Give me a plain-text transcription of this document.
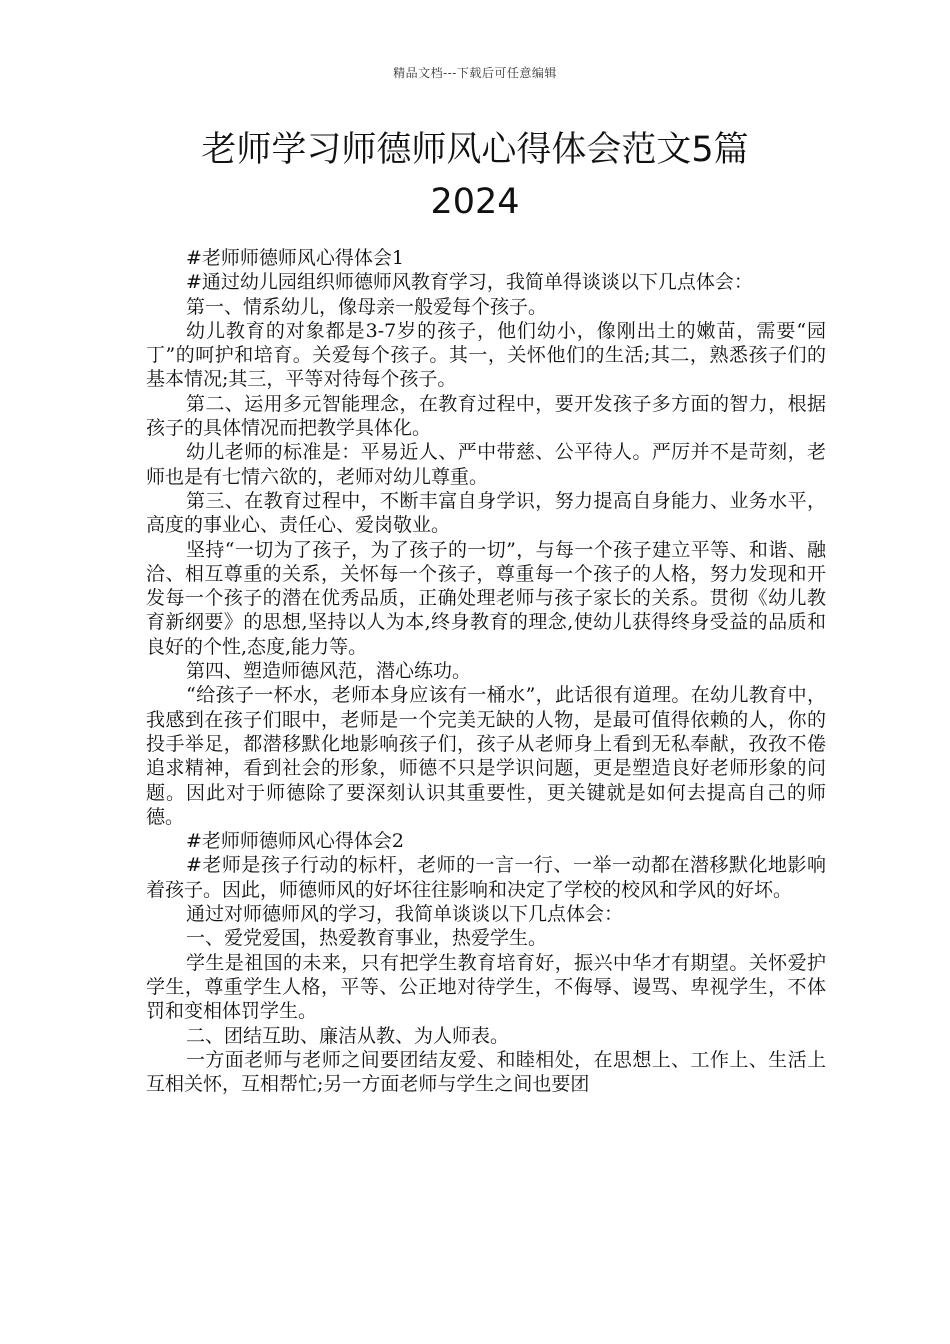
精品文档---下载后可任意编辑
老师学习师德师风心得体会范文5篇
2024

#老师师德师风心得体会1

#通过幼儿园组织师德师风教育学习，我简单得谈谈以下几点体会：

第一、情系幼儿，像母亲一般爱每个孩子。

幼儿教育的对象都是3-7岁的孩子，他们幼小，像刚出土的嫩苗，需要“园丁”的呵护和培育。关爱每个孩子。其一，关怀他们的生活;其二，熟悉孩子们的基本情况;其三，平等对待每个孩子。

第二、运用多元智能理念，在教育过程中，要开发孩子多方面的智力，根据孩子的具体情况而把教学具体化。

幼儿老师的标准是：平易近人、严中带慈、公平待人。严厉并不是苛刻，老师也是有七情六欲的，老师对幼儿尊重。

第三、在教育过程中，不断丰富自身学识，努力提高自身能力、业务水平，高度的事业心、责任心、爱岗敬业。

坚持“一切为了孩子，为了孩子的一切”，与每一个孩子建立平等、和谐、融洽、相互尊重的关系，关怀每一个孩子，尊重每一个孩子的人格，努力发现和开发每一个孩子的潜在优秀品质，正确处理老师与孩子家长的关系。贯彻《幼儿教育新纲要》的思想,坚持以人为本,终身教育的理念,使幼儿获得终身受益的品质和良好的个性,态度,能力等。

第四、塑造师德风范，潜心练功。

“给孩子一杯水，老师本身应该有一桶水”，此话很有道理。在幼儿教育中，我感到在孩子们眼中，老师是一个完美无缺的人物，是最可值得依赖的人，你的投手举足，都潜移默化地影响孩子们，孩子从老师身上看到无私奉献，孜孜不倦追求精神，看到社会的形象，师德不只是学识问题，更是塑造良好老师形象的问题。因此对于师德除了要深刻认识其重要性，更关键就是如何去提高自己的师德。

#老师师德师风心得体会2

#老师是孩子行动的标杆，老师的一言一行、一举一动都在潜移默化地影响着孩子。因此，师德师风的好坏往往影响和决定了学校的校风和学风的好坏。

通过对师德师风的学习，我简单谈谈以下几点体会：

一、爱党爱国，热爱教育事业，热爱学生。

学生是祖国的未来，只有把学生教育培育好，振兴中华才有期望。关怀爱护学生，尊重学生人格，平等、公正地对待学生，不侮辱、谩骂、卑视学生，不体罚和变相体罚学生。

二、团结互助、廉洁从教、为人师表。

一方面老师与老师之间要团结友爱、和睦相处，在思想上、工作上、生活上互相关怀，互相帮忙;另一方面老师与学生之间也要团
